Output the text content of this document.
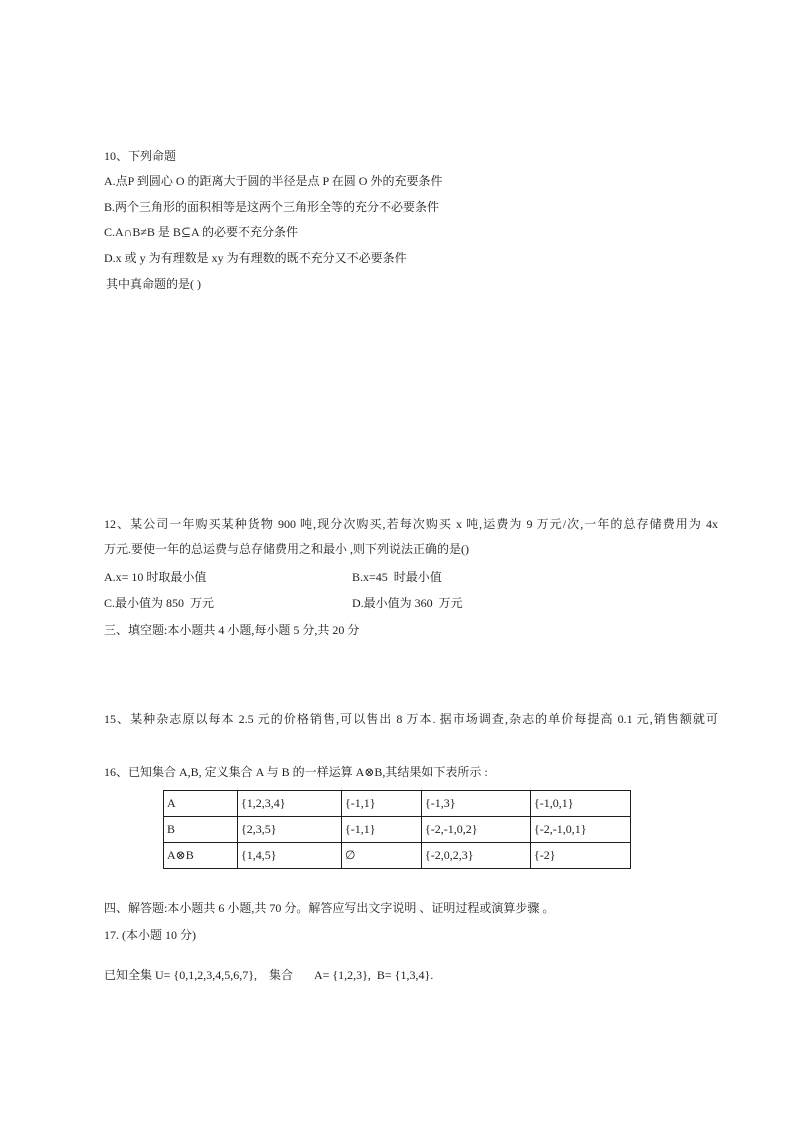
10、下列命题
A.点P 到圆心 O 的距离大于圆的半径是点 P 在圆 O 外的充要条件
B.两个三角形的面积相等是这两个三角形全等的充分不必要条件
C.A∩B≠B 是 B⊆A 的必要不充分条件
D.x 或 y 为有理数是 xy 为有理数的既不充分又不必要条件
其中真命题的是( )

12、某公司一年购买某种货物 900 吨,现分次购买,若每次购买 x 吨,运费为 9 万元/次,一年的总存储费用为 4x
万元.要使一年的总运费与总存储费用之和最小 ,则下列说法正确的是()
A.x= 10 时取最小值	B.x=45  时最小值
C.最小值为 850  万元	D.最小值为 360  万元
三、填空题:本小题共 4 小题,每小题 5 分,共 20 分

15、某种杂志原以每本 2.5 元的价格销售,可以售出 8 万本. 据市场调查,杂志的单价每提高 0.1 元,销售额就可

16、已知集合 A,B, 定义集合 A 与 B 的一样运算 A⊗B,其结果如下表所示 :
A	{1,2,3,4}	{-1,1}	{-1,3}	{-1,0,1}
B	{2,3,5}	{-1,1}	{-2,-1,0,2}	{-2,-1,0,1}
A⊗B	{1,4,5}	∅	{-2,0,2,3}	{-2}

四、解答题:本小题共 6 小题,共 70 分。解答应写出文字说明 、证明过程或演算步骤 。
17. (本小题 10 分)
已知全集 U= {0,1,2,3,4,5,6,7},    集合       A= {1,2,3},  B= {1,3,4}.
